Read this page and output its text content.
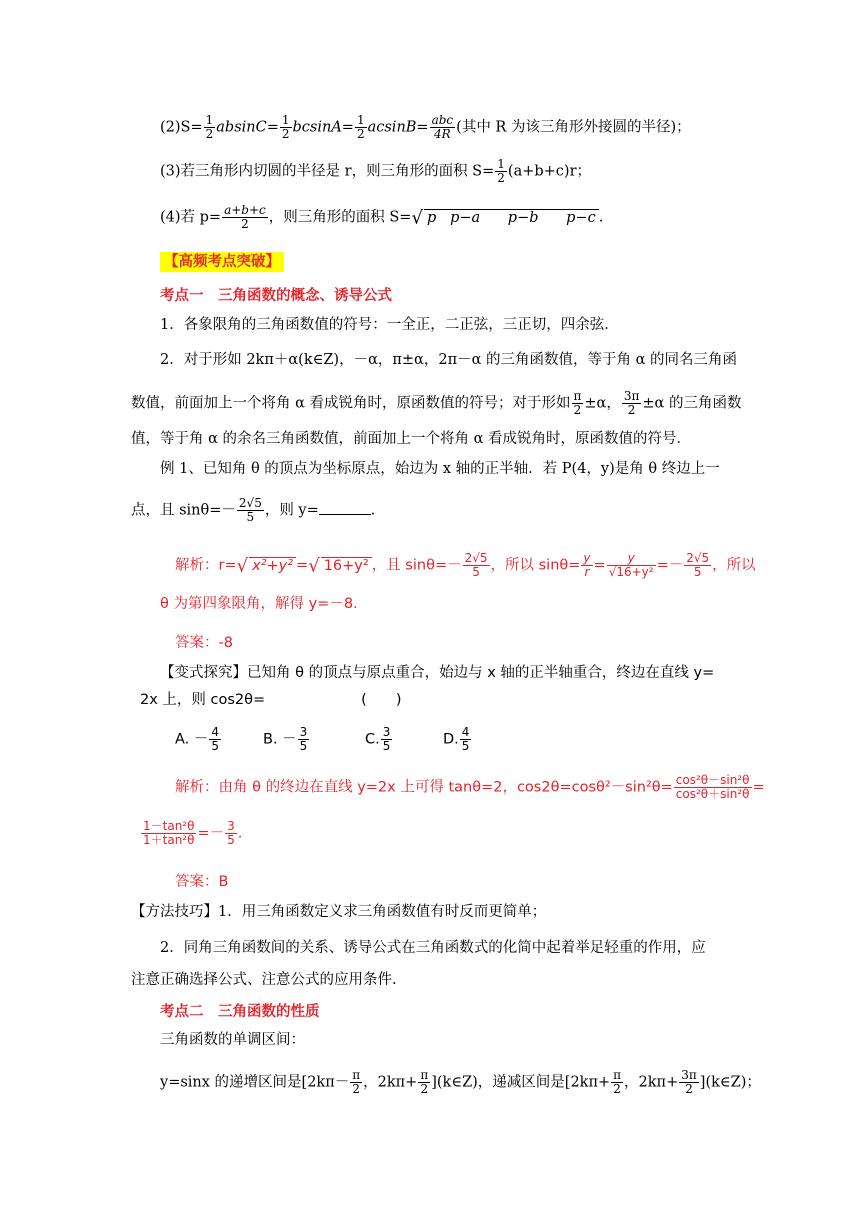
$(2)S= \frac{1}{2} absinC= \frac{1}{2} bcsinA= \frac{1}{2} acsinB=$ abc
4R (其中 R 为该三角形外接圆的半径)；
(3)若三角形内切圆的半径是 r，则三角形的面积 $S= \frac{1}{2} (a+b+c)r$；
(4)若 $p= \frac{a+b+c}{2}$ ，则三角形的面积 S=√ p   p−a      p−b      p−c .
【高频考点突破】
考点一　三角函数的概念、诱导公式
1．各象限角的三角函数值的符号：一全正，二正弦，三正切，四余弦．
2．对于形如 2kπ＋α(k∈Z)，－α，π±α，2π－α 的三角函数值，等于角 α 的同名三角函
数值，前面加上一个将角 α 看成锐角时，原函数值的符号；对于形如 $\frac{\pi}{2} \pm\alpha$， $\frac{3\pi}{2} \pm\alpha$ 的三角函数
值，等于角 α 的余名三角函数值，前面加上一个将角 α 看成锐角时，原函数值的符号．
例 1、已知角 θ 的顶点为坐标原点，始边为 x 轴的正半轴．若 P(4，y)是角 θ 终边上一
点，且 $\sin\theta=- \frac{2√5}{5}$ ，则 y=	.
解析：r=√ x²+y² =√ 16+y² ，且 $\sin\theta=- \frac{2√5}{5}$ ，所以 $\sin\theta= \frac{y}{r} = \frac{y}{\text{√16+y²}} =- \frac{2√5}{5}$ ，所以
θ 为第四象限角，解得 y=－8.
答案：-8
【变式探究】已知角 θ 的顶点与原点重合，始边与 x 轴的正半轴重合，终边在直线 y=
2x 上，则 cos2θ=	(　　)
A. － $\frac{4}{5}$	B. － $\frac{3}{5}$	C. $\frac{3}{5}$	D. $\frac{4}{5}$
解析：由角 θ 的终边在直线 y=2x 上可得 tanθ=2，$\cos 2\theta=\cos\theta^2-\sin^2\theta= \frac{\text{cos²θ－sin²θ}}{\text{cos²θ＋sin²θ}}$ =
$\frac{\text{1－tan²θ}}{\text{1＋tan²θ}} =- \frac{3}{5}$ .
答案：B
【方法技巧】1．用三角函数定义求三角函数值有时反而更简单；
2．同角三角函数间的关系、诱导公式在三角函数式的化简中起着举足轻重的作用，应
注意正确选择公式、注意公式的应用条件.
考点二　三角函数的性质
三角函数的单调区间：
y=sinx 的递增区间是[$2k\pi- \frac{\pi}{2}$ ，$2k\pi+ \frac{\pi}{2}$ ](k∈Z)，递减区间是[$2k\pi+ \frac{\pi}{2}$ ，$2k\pi+ \frac{3\pi}{2}$ ](k∈Z)；
